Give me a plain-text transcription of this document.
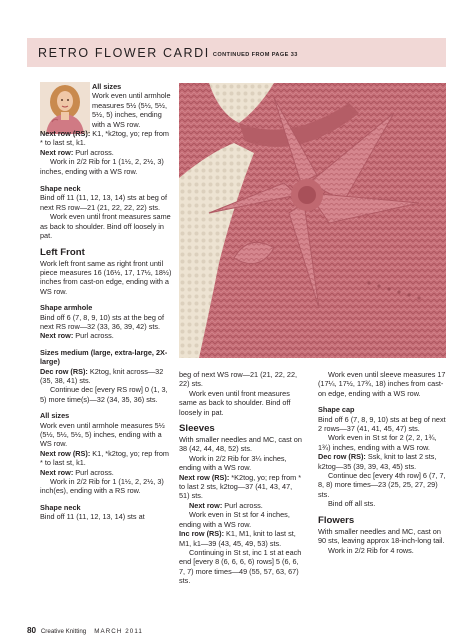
RETRO FLOWER CARDI CONTINUED FROM PAGE 33

All sizes

Work even until armhole measures 5½ (5½, 5½, 5½, 5) inches, ending with a WS row.

Next row (RS): K1, *k2tog, yo; rep from * to last st, k1.

Next row: Purl across.

Work in 2/2 Rib for 1 (1½, 2, 2½, 3) inches, ending with a WS row.

Shape neck

Bind off 11 (11, 12, 13, 14) sts at beg of next RS row—21 (21, 22, 22, 22) sts.

Work even until front measures same as back to shoulder. Bind off loosely in pat.

Left Front

Work left front same as right front until piece measures 16 (16½, 17, 17½, 18½) inches from cast-on edge, ending with a WS row.

Shape armhole

Bind off 6 (7, 8, 9, 10) sts at the beg of next RS row—32 (33, 36, 39, 42) sts.

Next row: Purl across.

Sizes medium (large, extra-large, 2X-large)

Dec row (RS): K2tog, knit across—32 (35, 38, 41) sts.

Continue dec [every RS row] 0 (1, 3, 5) more time(s)—32 (34, 35, 36) sts.

All sizes

Work even until armhole measures 5½ (5½, 5½, 5½, 5) inches, ending with a WS row.

Next row (RS): K1, *k2tog, yo; rep from * to last st, k1.

Next row: Purl across.

Work in 2/2 Rib for 1 (1½, 2, 2½, 3) inch(es), ending with a RS row.

Shape neck

Bind off 11 (11, 12, 13, 14) sts at

beg of next WS row—21 (21, 22, 22, 22) sts.

Work even until front measures same as back to shoulder. Bind off loosely in pat.

Sleeves

With smaller needles and MC, cast on 38 (42, 44, 48, 52) sts.

Work in 2/2 Rib for 3¼ inches, ending with a WS row.

Next row (RS): *K2tog, yo; rep from * to last 2 sts, k2tog—37 (41, 43, 47, 51) sts.

Next row: Purl across.

Work even in St st for 4 inches, ending with a WS row.

Inc row (RS): K1, M1, knit to last st, M1, k1—39 (43, 45, 49, 53) sts.

Continuing in St st, inc 1 st at each end [every 8 (6, 6, 6, 6) rows] 5 (6, 6, 7, 7) more times—49 (55, 57, 63, 67) sts.

Work even until sleeve measures 17 (17¼, 17½, 17¾, 18) inches from cast-on edge, ending with a WS row.

Shape cap

Bind off 6 (7, 8, 9, 10) sts at beg of next 2 rows—37 (41, 41, 45, 47) sts.

Work even in St st for 2 (2, 2, 1¾, 1¾) inches, ending with a WS row.

Dec row (RS): Ssk, knit to last 2 sts, k2tog—35 (39, 39, 43, 45) sts.

Continue dec [every 4th row] 6 (7, 7, 8, 8) more times—23 (25, 25, 27, 29) sts.

Bind off all sts.

Flowers

With smaller needles and MC, cast on 90 sts, leaving approx 18-inch-long tail.

Work in 2/2 Rib for 4 rows.

80 Creative Knitting MARCH 2011
